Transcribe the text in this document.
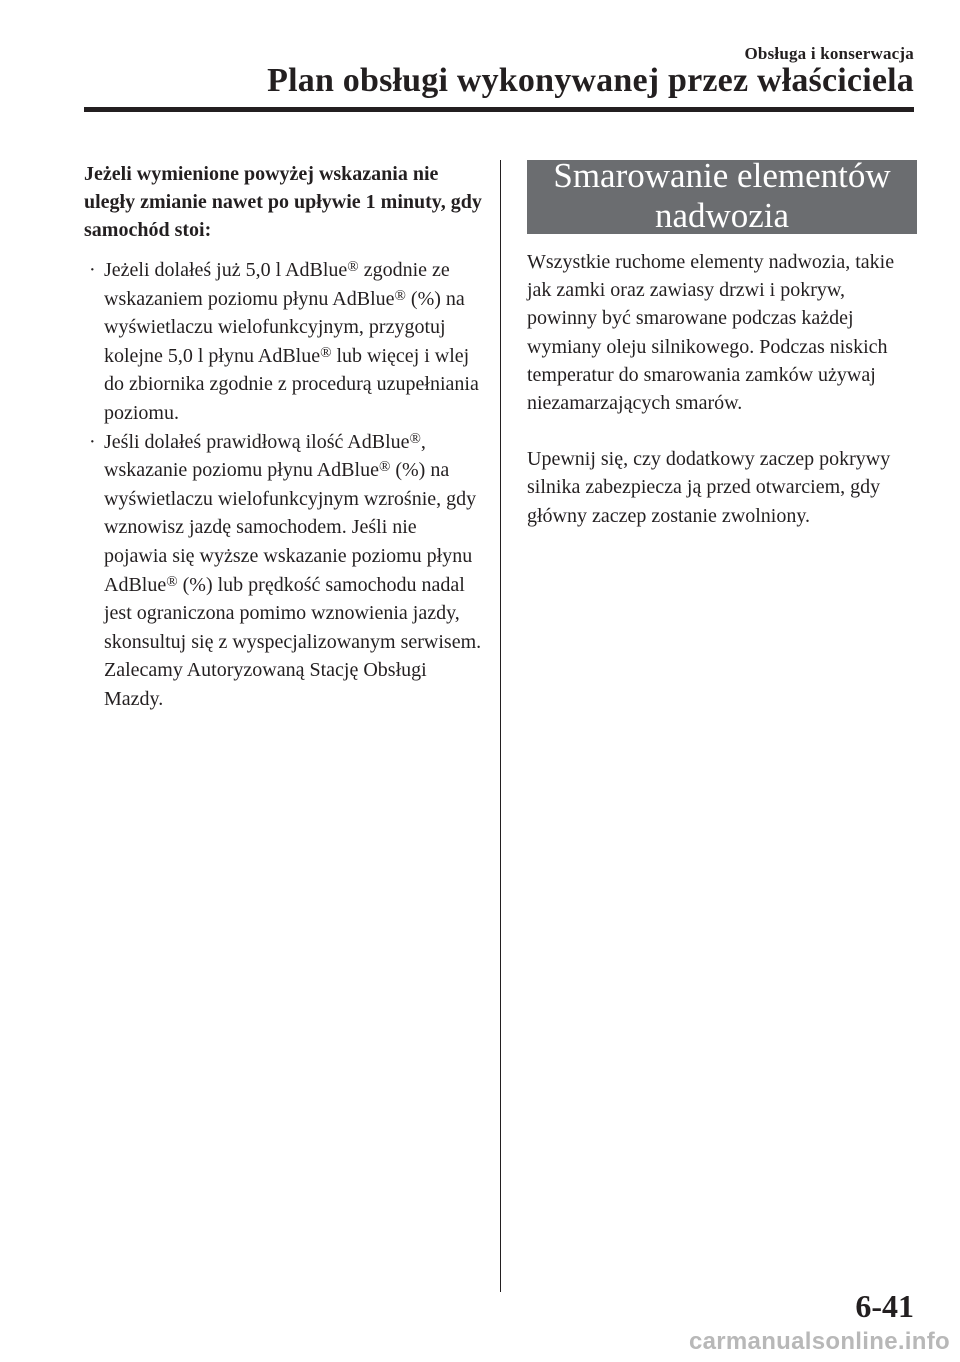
Obsługa i konserwacja
Plan obsługi wykonywanej przez właściciela

Jeżeli wymienione powyżej wskazania nie uległy zmianie nawet po upływie 1 minuty, gdy samochód stoi:

· Jeżeli dolałeś już 5,0 l AdBlue® zgodnie ze wskazaniem poziomu płynu AdBlue® (%) na wyświetlaczu wielofunkcyjnym, przygotuj kolejne 5,0 l płynu AdBlue® lub więcej i wlej do zbiornika zgodnie z procedurą uzupełniania poziomu.
· Jeśli dolałeś prawidłową ilość AdBlue®, wskazanie poziomu płynu AdBlue® (%) na wyświetlaczu wielofunkcyjnym wzrośnie, gdy wznowisz jazdę samochodem. Jeśli nie pojawia się wyższe wskazanie poziomu płynu AdBlue® (%) lub prędkość samochodu nadal jest ograniczona pomimo wznowienia jazdy, skonsultuj się z wyspecjalizowanym serwisem. Zalecamy Autoryzowaną Stację Obsługi Mazdy.
Smarowanie elementów
nadwozia

Wszystkie ruchome elementy nadwozia, takie jak zamki oraz zawiasy drzwi i pokryw, powinny być smarowane podczas każdej wymiany oleju silnikowego. Podczas niskich temperatur do smarowania zamków używaj niezamarzających smarów.

Upewnij się, czy dodatkowy zaczep pokrywy silnika zabezpiecza ją przed otwarciem, gdy główny zaczep zostanie zwolniony.

6-41
carmanualsonline.info
